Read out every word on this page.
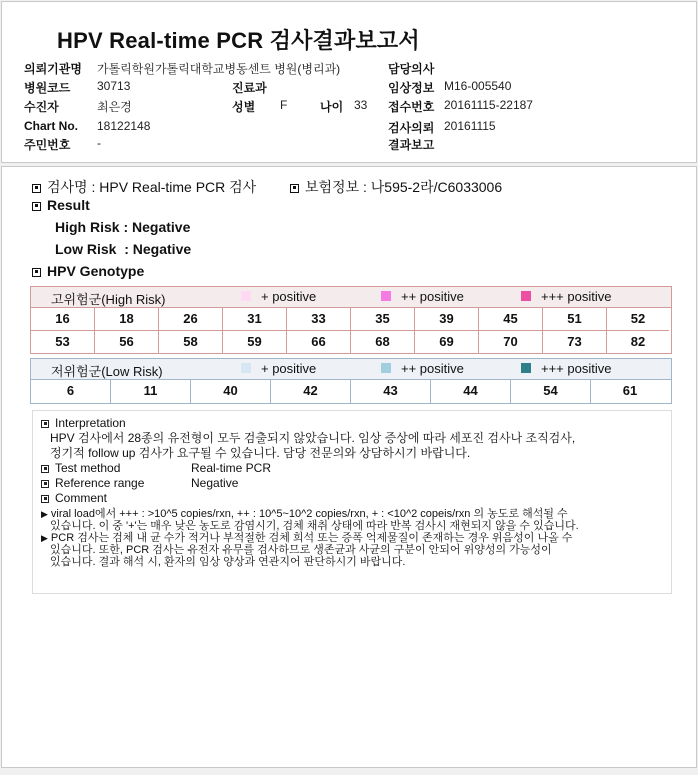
HPV Real-time PCR 검사결과보고서
의뢰기관명 가톨릭학원가톨릭대학교병동센트 병원(병리과)	담당의사
병원코드 30713	진료과	임상정보 M16-005540
수진자	최은경	성별 F	나이 33 접수번호 20161115-22187
Chart No. 18122148	검사의뢰 20161115
주민번호 -	결과보고
검사명 : HPV Real-time PCR 검사	보험정보 : 나595-2라/C6033006
Result
High Risk : Negative
Low Risk  : Negative
HPV Genotype
고위험군(High Risk)	+ positive	++ positive	+++ positive
16	18	26	31	33	35	39	45	51	52
53	56	58	59	66	68	69	70	73	82
저위험군(Low Risk)	+ positive	++ positive	+++ positive
6	11	40	42	43	44	54	61
Interpretation
HPV 검사에서 28종의 유전형이 모두 검출되지 않았습니다. 임상 증상에 따라 세포진 검사나 조직검사,
정기적 follow up 검사가 요구될 수 있습니다. 담당 전문의와 상담하시기 바랍니다.
Test method	Real-time PCR
Reference range	Negative
Comment
▶ viral load에서 +++ : >10^5 copies/rxn, ++ : 10^5~10^2 copies/rxn, + : <10^2 copeis/rxn 의 농도로 해석될 수
있습니다. 이 중 '+'는 매우 낮은 농도로 감염시기, 검체 채취 상태에 따라 반복 검사시 재현되지 않을 수 있습니다.
▶ PCR 검사는 검체 내 균 수가 적거나 부적절한 검체 희석 또는 증폭 억제물질이 존재하는 경우 위음성이 나올 수
있습니다. 또한, PCR 검사는 유전자 유무를 검사하므로 생존균과 사균의 구분이 안되어 위양성의 가능성이
있습니다. 결과 해석 시, 환자의 임상 양상과 연관지어 판단하시기 바랍니다.
